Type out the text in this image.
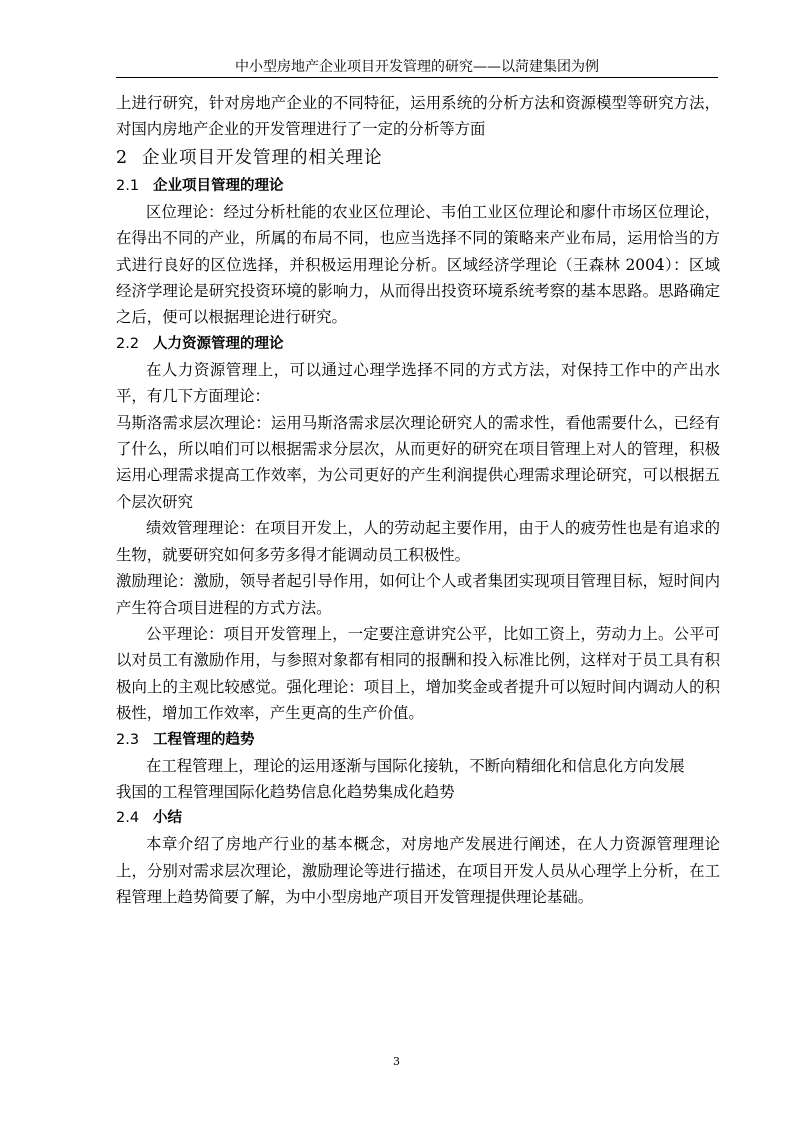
中小型房地产企业项目开发管理的研究——以菏建集团为例

上进行研究，针对房地产企业的不同特征，运用系统的分析方法和资源模型等研究方法，对国内房地产企业的开发管理进行了一定的分析等方面

2 企业项目开发管理的相关理论
2.1 企业项目管理的理论

区位理论：经过分析杜能的农业区位理论、韦伯工业区位理论和廖什市场区位理论，在得出不同的产业，所属的布局不同，也应当选择不同的策略来产业布局，运用恰当的方式进行良好的区位选择，并积极运用理论分析。区域经济学理论（王森林 2004）：区域经济学理论是研究投资环境的影响力，从而得出投资环境系统考察的基本思路。思路确定之后，便可以根据理论进行研究。

2.2 人力资源管理的理论

在人力资源管理上，可以通过心理学选择不同的方式方法，对保持工作中的产出水平，有几下方面理论：

马斯洛需求层次理论：运用马斯洛需求层次理论研究人的需求性，看他需要什么，已经有了什么，所以咱们可以根据需求分层次，从而更好的研究在项目管理上对人的管理，积极运用心理需求提高工作效率，为公司更好的产生利润提供心理需求理论研究，可以根据五个层次研究

绩效管理理论：在项目开发上，人的劳动起主要作用，由于人的疲劳性也是有追求的生物，就要研究如何多劳多得才能调动员工积极性。

激励理论：激励，领导者起引导作用，如何让个人或者集团实现项目管理目标，短时间内产生符合项目进程的方式方法。

公平理论：项目开发管理上，一定要注意讲究公平，比如工资上，劳动力上。公平可以对员工有激励作用，与参照对象都有相同的报酬和投入标准比例，这样对于员工具有积极向上的主观比较感觉。强化理论：项目上，增加奖金或者提升可以短时间内调动人的积极性，增加工作效率，产生更高的生产价值。

2.3 工程管理的趋势

在工程管理上，理论的运用逐渐与国际化接轨，不断向精细化和信息化方向发展

我国的工程管理国际化趋势信息化趋势集成化趋势

2.4 小结

本章介绍了房地产行业的基本概念，对房地产发展进行阐述，在人力资源管理理论上，分别对需求层次理论，激励理论等进行描述，在项目开发人员从心理学上分析，在工程管理上趋势简要了解，为中小型房地产项目开发管理提供理论基础。

3
